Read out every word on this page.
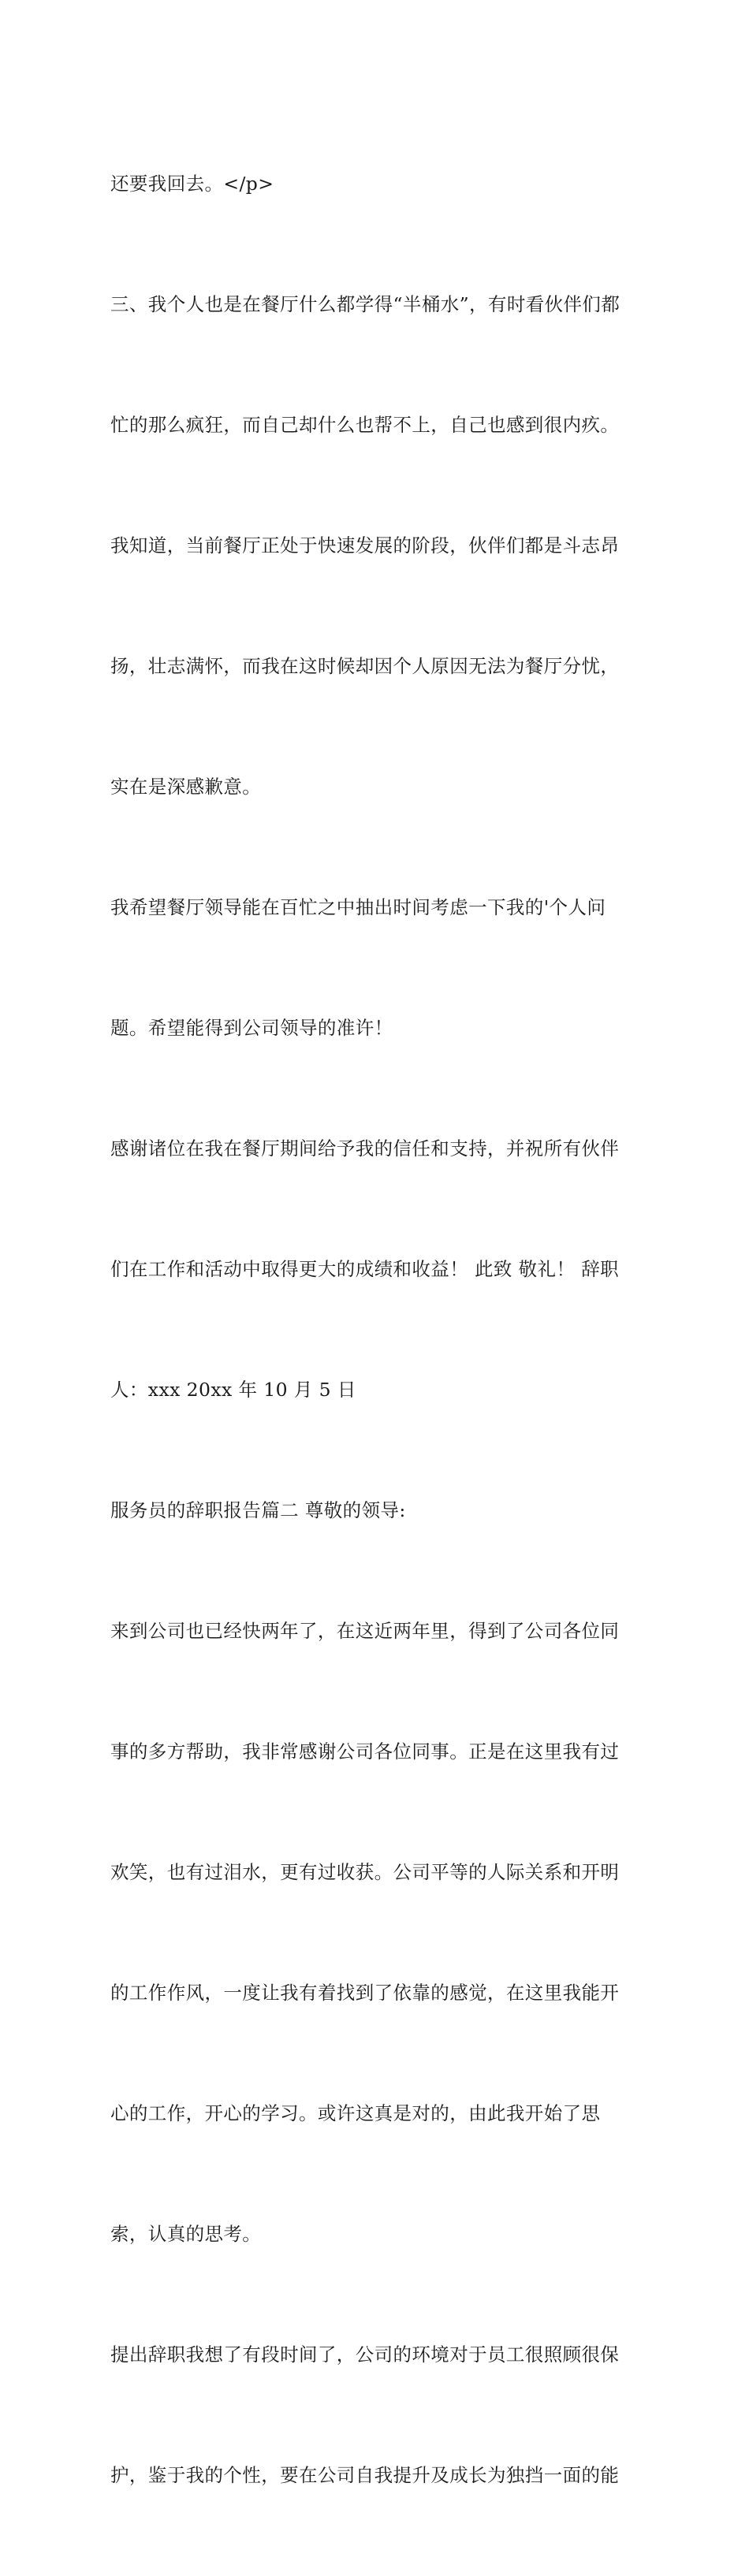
还要我回去。</p>

三、我个人也是在餐厅什么都学得“半桶水”，有时看伙伴们都

忙的那么疯狂，而自己却什么也帮不上，自己也感到很内疚。

我知道，当前餐厅正处于快速发展的阶段，伙伴们都是斗志昂

扬，壮志满怀，而我在这时候却因个人原因无法为餐厅分忧，

实在是深感歉意。

我希望餐厅领导能在百忙之中抽出时间考虑一下我的'个人问

题。希望能得到公司领导的准许！

感谢诸位在我在餐厅期间给予我的信任和支持，并祝所有伙伴

们在工作和活动中取得更大的成绩和收益！ 此致 敬礼！ 辞职

人：xxx 20xx 年 10 月 5 日

服务员的辞职报告篇二 尊敬的领导:

来到公司也已经快两年了，在这近两年里，得到了公司各位同

事的多方帮助，我非常感谢公司各位同事。正是在这里我有过

欢笑，也有过泪水，更有过收获。公司平等的人际关系和开明

的工作作风，一度让我有着找到了依靠的感觉，在这里我能开

心的工作，开心的学习。或许这真是对的，由此我开始了思

索，认真的思考。

提出辞职我想了有段时间了，公司的环境对于员工很照顾很保

护，鉴于我的个性，要在公司自我提升及成长为独挡一面的能
